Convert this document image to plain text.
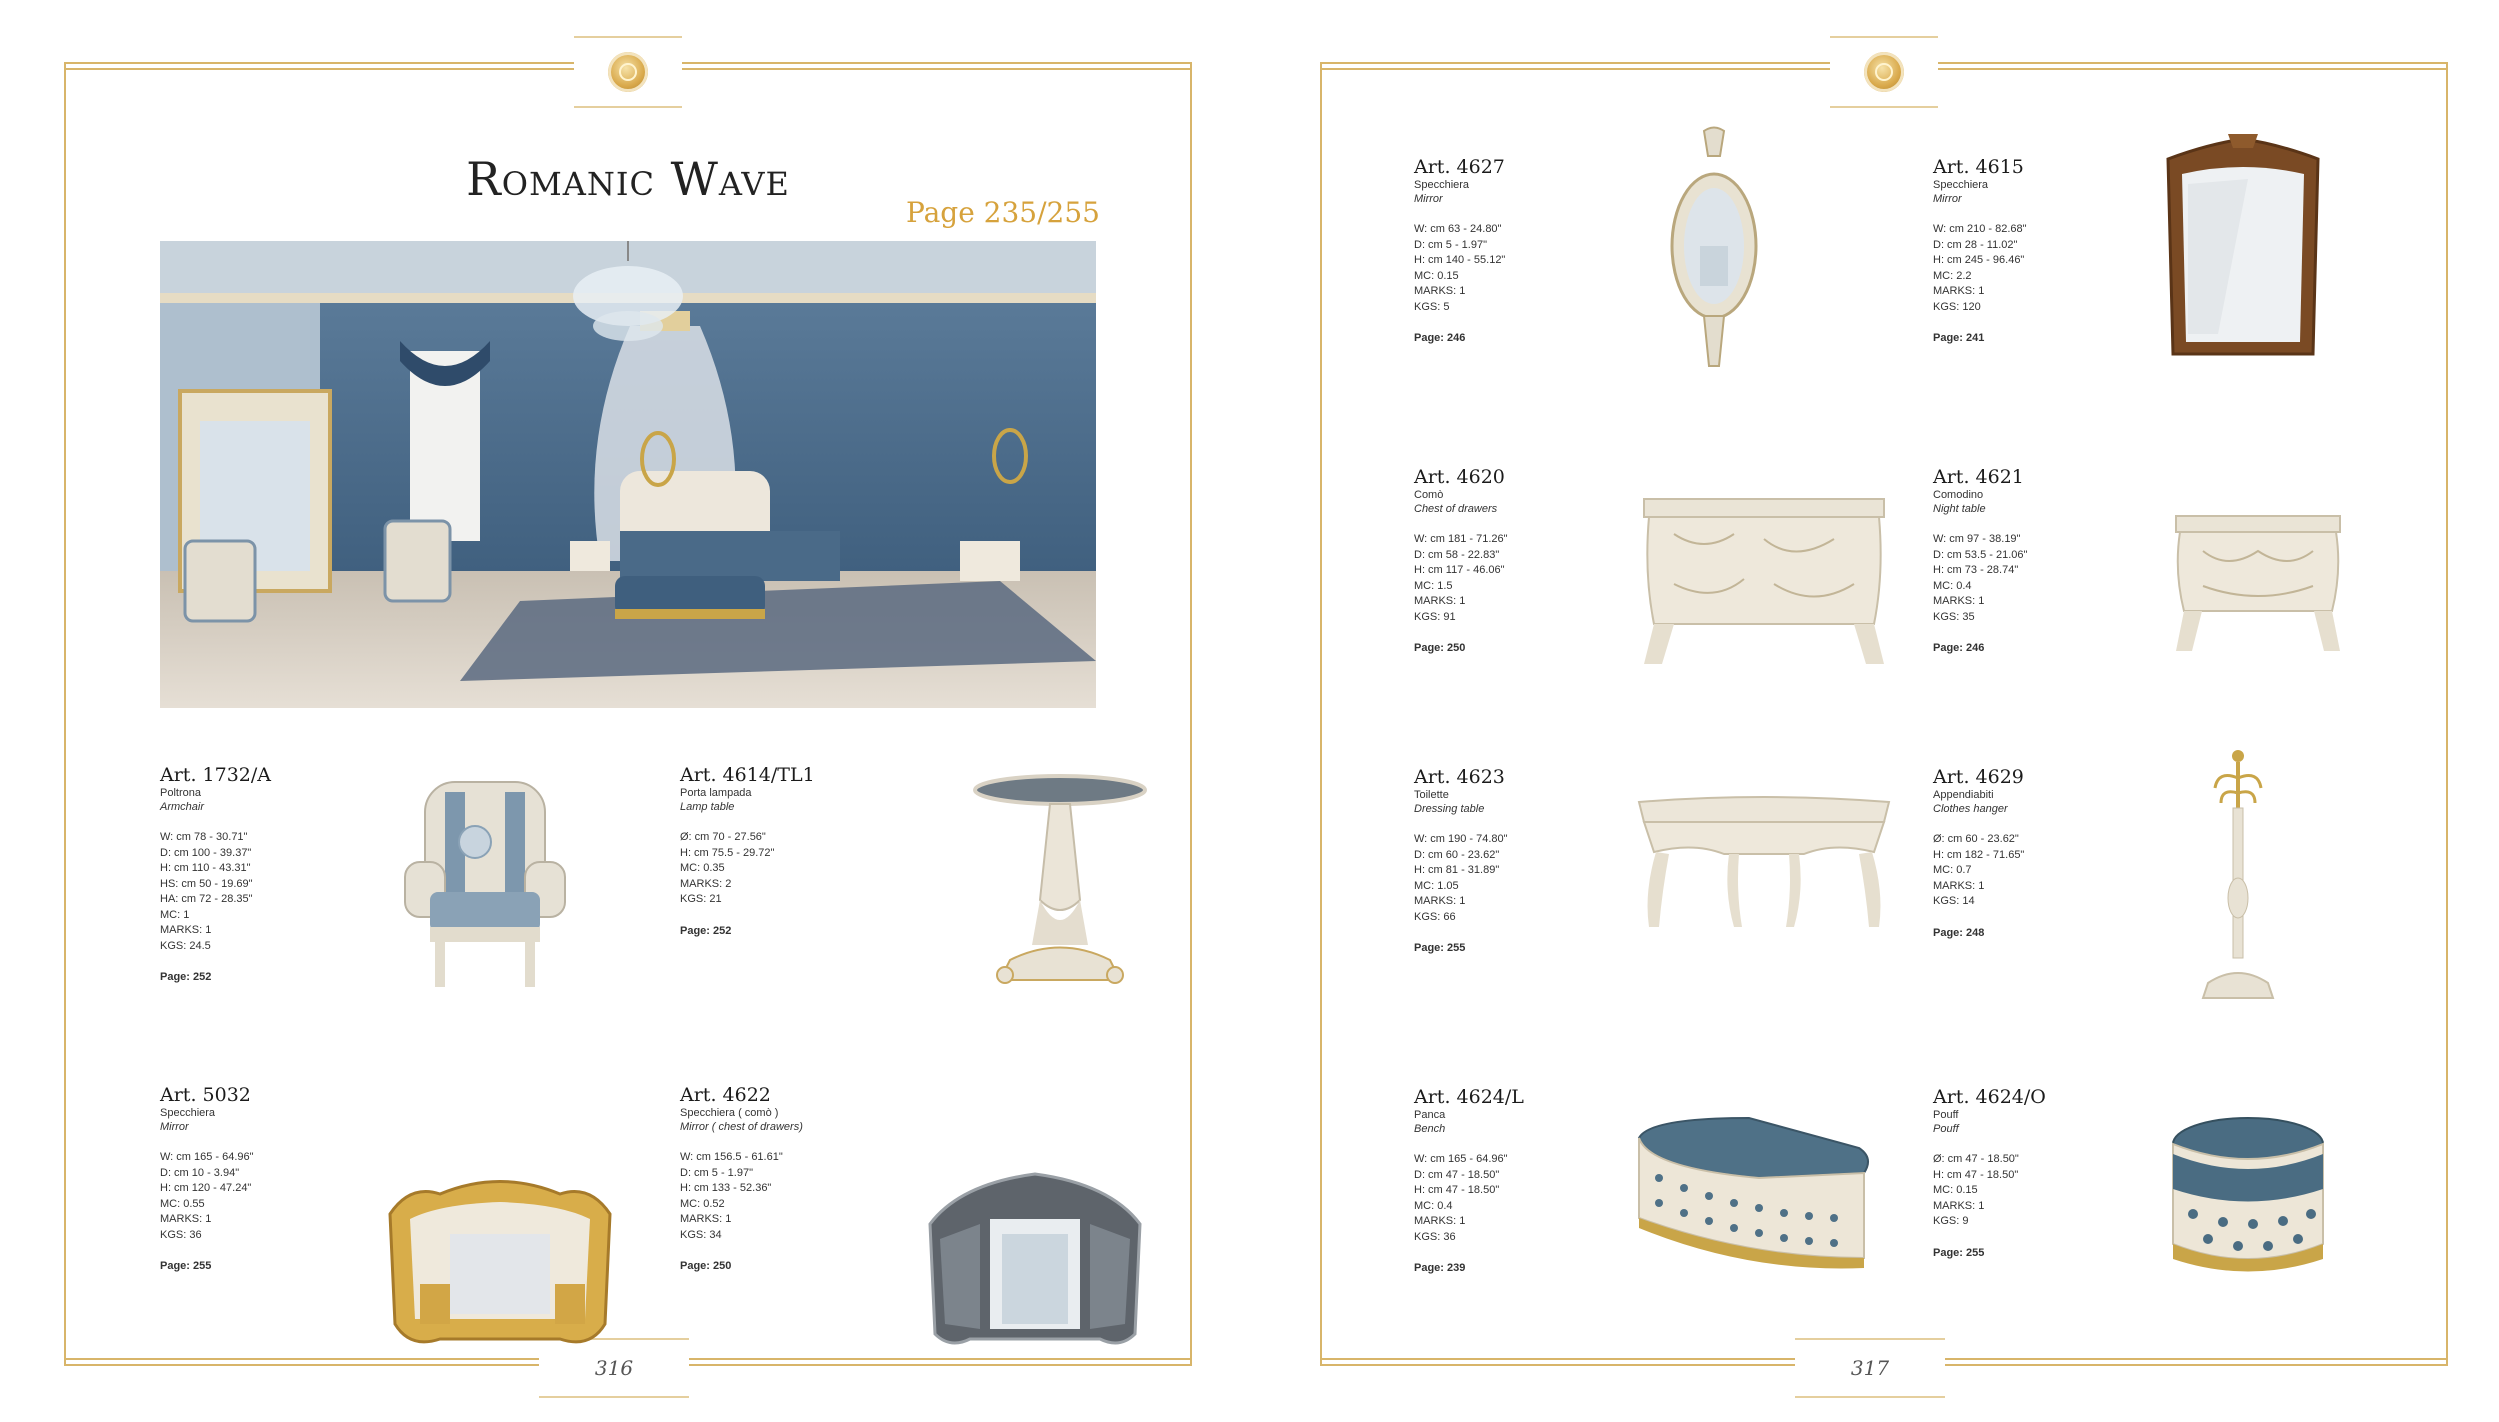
316
Romanic Wave
Page 235/255
Art. 1732/A
Poltrona
Armchair
W: cm 78 - 30.71"
D: cm 100 - 39.37"
H: cm 110 - 43.31"
HS: cm 50 - 19.69"
HA: cm 72 - 28.35"
MC: 1
MARKS: 1
KGS: 24.5
Page: 252
Art. 4614/TL1
Porta lampada
Lamp table
Ø: cm 70 - 27.56"
H: cm 75.5 - 29.72"
MC: 0.35
MARKS: 2
KGS: 21
Page: 252
Art. 5032
Specchiera
Mirror
W: cm 165 - 64.96"
D: cm 10 - 3.94"
H: cm 120 - 47.24"
MC: 0.55
MARKS: 1
KGS: 36
Page: 255
Art. 4622
Specchiera ( comò )
Mirror ( chest of drawers)
W: cm 156.5 - 61.61"
D: cm 5 - 1.97"
H: cm 133 - 52.36"
MC: 0.52
MARKS: 1
KGS: 34
Page: 250
317
Art. 4627
Specchiera
Mirror
W: cm 63 - 24.80"
D: cm 5 - 1.97"
H: cm 140 - 55.12"
MC: 0.15
MARKS: 1
KGS: 5
Page: 246
Art. 4615
Specchiera
Mirror
W: cm 210 - 82.68"
D: cm 28 - 11.02"
H: cm 245 - 96.46"
MC: 2.2
MARKS: 1
KGS: 120
Page: 241
Art. 4620
Comò
Chest of drawers
W: cm 181 - 71.26"
D: cm 58 - 22.83"
H: cm 117 - 46.06"
MC: 1.5
MARKS: 1
KGS: 91
Page: 250
Art. 4621
Comodino
Night table
W: cm 97 - 38.19"
D: cm 53.5 - 21.06"
H: cm 73 - 28.74"
MC: 0.4
MARKS: 1
KGS: 35
Page: 246
Art. 4623
Toilette
Dressing table
W: cm 190 - 74.80"
D: cm 60 - 23.62"
H: cm 81 - 31.89"
MC: 1.05
MARKS: 1
KGS: 66
Page: 255
Art. 4629
Appendiabiti
Clothes hanger
Ø: cm 60 - 23.62"
H: cm 182 - 71.65"
MC: 0.7
MARKS: 1
KGS: 14
Page: 248
Art. 4624/L
Panca
Bench
W: cm 165 - 64.96"
D: cm 47 - 18.50"
H: cm 47 - 18.50"
MC: 0.4
MARKS: 1
KGS: 36
Page: 239
Art. 4624/O
Pouff
Pouff
Ø: cm 47 - 18.50"
H: cm 47 - 18.50"
MC: 0.15
MARKS: 1
KGS: 9
Page: 255
